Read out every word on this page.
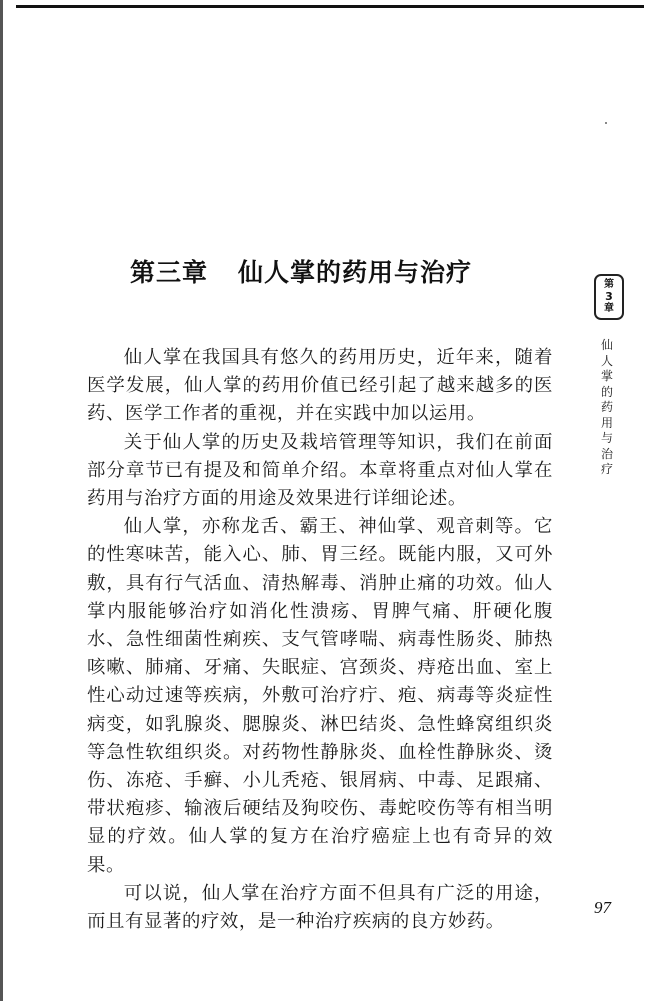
第三章 仙人掌的药用与治疗	第
3
章
仙人掌的药用与治疗

仙人掌在我国具有悠久的药用历史，近年来，随着医学发展，仙人掌的药用价值已经引起了越来越多的医药、医学工作者的重视，并在实践中加以运用。

关于仙人掌的历史及栽培管理等知识，我们在前面部分章节已有提及和简单介绍。本章将重点对仙人掌在药用与治疗方面的用途及效果进行详细论述。

仙人掌，亦称龙舌、霸王、神仙掌、观音刺等。它的性寒味苦，能入心、肺、胃三经。既能内服，又可外敷，具有行气活血、清热解毒、消肿止痛的功效。仙人掌内服能够治疗如消化性溃疡、胃脾气痛、肝硬化腹水、急性细菌性痢疾、支气管哮喘、病毒性肠炎、肺热咳嗽、肺痛、牙痛、失眠症、宫颈炎、痔疮出血、室上性心动过速等疾病，外敷可治疗疔、疱、病毒等炎症性病变，如乳腺炎、腮腺炎、淋巴结炎、急性蜂窝组织炎等急性软组织炎。对药物性静脉炎、血栓性静脉炎、烫伤、冻疮、手癣、小儿秃疮、银屑病、中毒、足跟痛、带状疱疹、输液后硬结及狗咬伤、毒蛇咬伤等有相当明显的疗效。仙人掌的复方在治疗癌症上也有奇异的效果。

可以说，仙人掌在治疗方面不但具有广泛的用途，而且有显著的疗效，是一种治疗疾病的良方妙药。

97
